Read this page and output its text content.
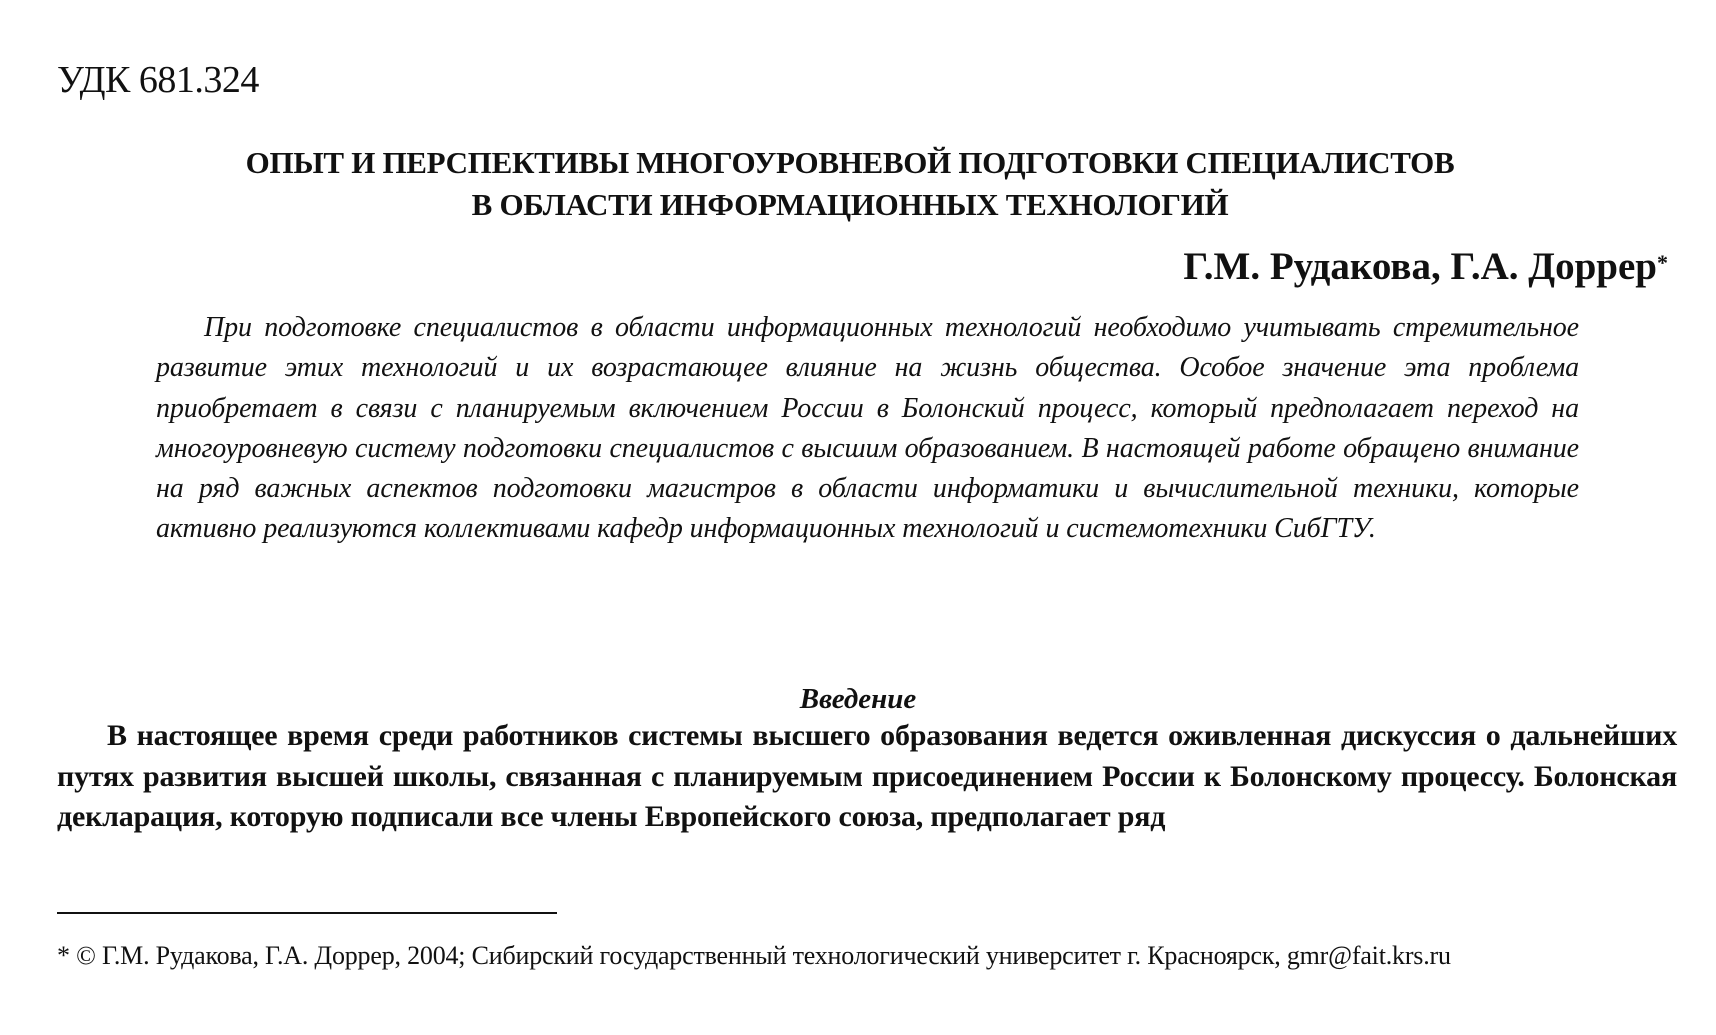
УДК 681.324
ОПЫТ И ПЕРСПЕКТИВЫ МНОГОУРОВНЕВОЙ ПОДГОТОВКИ СПЕЦИАЛИСТОВ
В ОБЛАСТИ ИНФОРМАЦИОННЫХ ТЕХНОЛОГИЙ
Г.М. Рудакова, Г.А. Доррер*
При подготовке специалистов в области информационных технологий необходимо учитывать стремительное развитие этих технологий и их возрастающее влияние на жизнь общества. Особое значение эта проблема приобретает в связи с планируемым включением России в Болонский процесс, который предполагает переход на многоуровневую систему подготовки специалистов с высшим образованием. В настоящей работе обращено внимание на ряд важных аспектов подготовки магистров в области информатики и вычислительной техники, которые активно реализуются коллективами кафедр информационных технологий и системотехники СибГТУ.
Введение
В настоящее время среди работников системы высшего образования ведется оживленная дискуссия о дальнейших путях развития высшей школы, связанная с планируемым присоединением России к Болонскому процессу. Болонская декларация, которую подписали все члены Европейского союза, предполагает ряд
* © Г.М. Рудакова, Г.А. Доррер, 2004; Сибирский государственный технологический университет г. Красноярск, gmr@fait.krs.ru
